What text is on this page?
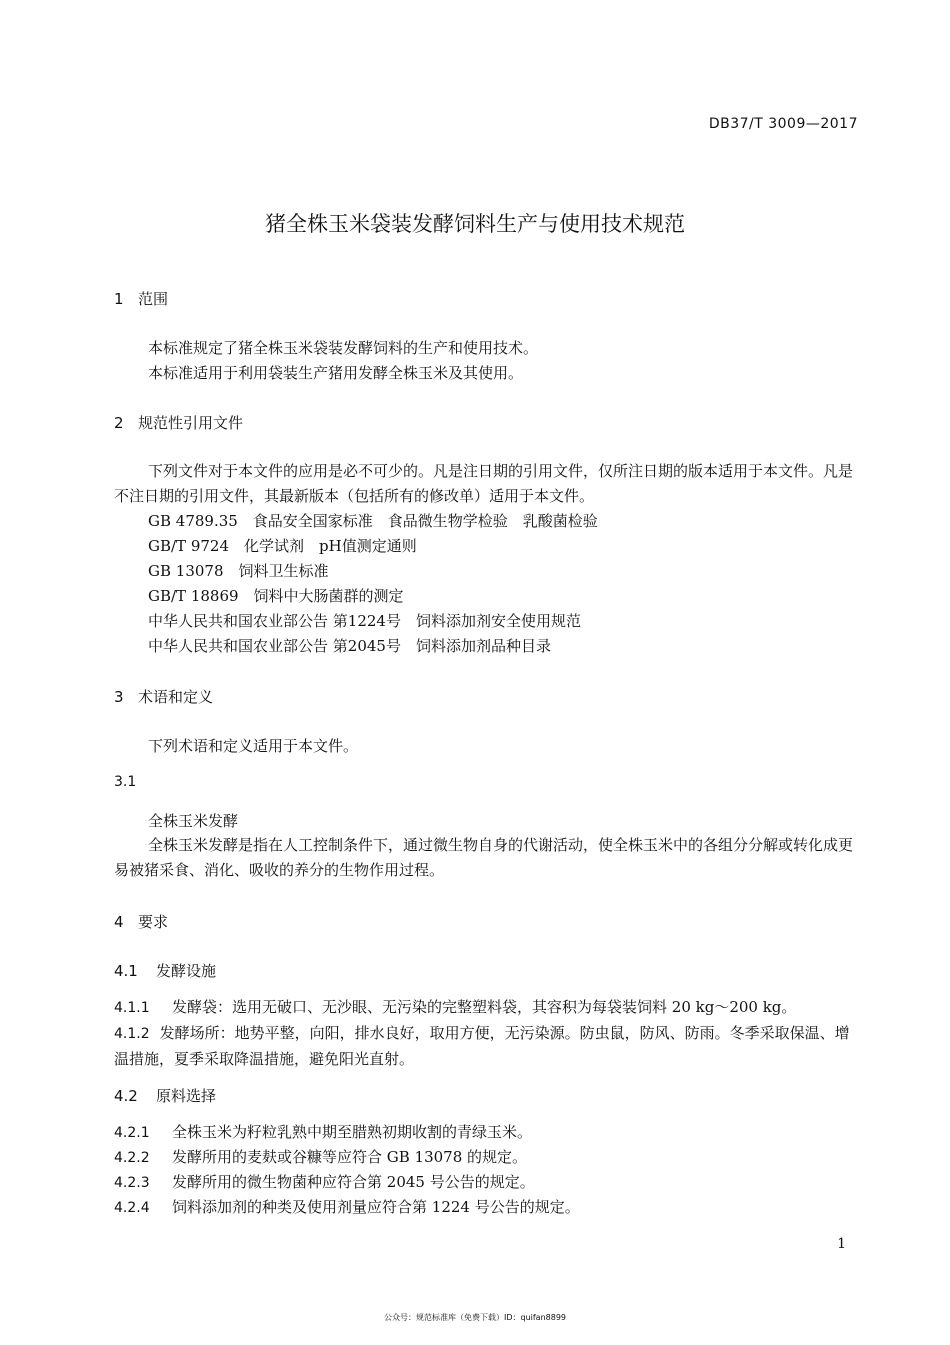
DB37/T 3009—2017
猪全株玉米袋装发酵饲料生产与使用技术规范
1 范围
本标准规定了猪全株玉米袋装发酵饲料的生产和使用技术。
本标准适用于利用袋装生产猪用发酵全株玉米及其使用。
2 规范性引用文件
下列文件对于本文件的应用是必不可少的。凡是注日期的引用文件，仅所注日期的版本适用于本文件。凡是不注日期的引用文件，其最新版本（包括所有的修改单）适用于本文件。
GB 4789.35　食品安全国家标准　食品微生物学检验　乳酸菌检验
GB/T 9724　化学试剂　pH值测定通则
GB 13078　饲料卫生标准
GB/T 18869　饲料中大肠菌群的测定
中华人民共和国农业部公告 第1224号　饲料添加剂安全使用规范
中华人民共和国农业部公告 第2045号　饲料添加剂品种目录
3 术语和定义
下列术语和定义适用于本文件。
3.1
全株玉米发酵
全株玉米发酵是指在人工控制条件下，通过微生物自身的代谢活动，使全株玉米中的各组分分解或转化成更易被猪采食、消化、吸收的养分的生物作用过程。
4 要求
4.1 发酵设施
4.1.1 发酵袋：选用无破口、无沙眼、无污染的完整塑料袋，其容积为每袋装饲料 20 kg～200 kg。
4.1.2 发酵场所：地势平整，向阳，排水良好，取用方便，无污染源。防虫鼠，防风、防雨。冬季采取保温、增温措施，夏季采取降温措施，避免阳光直射。
4.2 原料选择
4.2.1 全株玉米为籽粒乳熟中期至腊熟初期收割的青绿玉米。
4.2.2 发酵所用的麦麸或谷糠等应符合 GB 13078 的规定。
4.2.3 发酵所用的微生物菌种应符合第 2045 号公告的规定。
4.2.4 饲料添加剂的种类及使用剂量应符合第 1224 号公告的规定。
1
公众号：规范标准库（免费下载）ID：quifan8899
